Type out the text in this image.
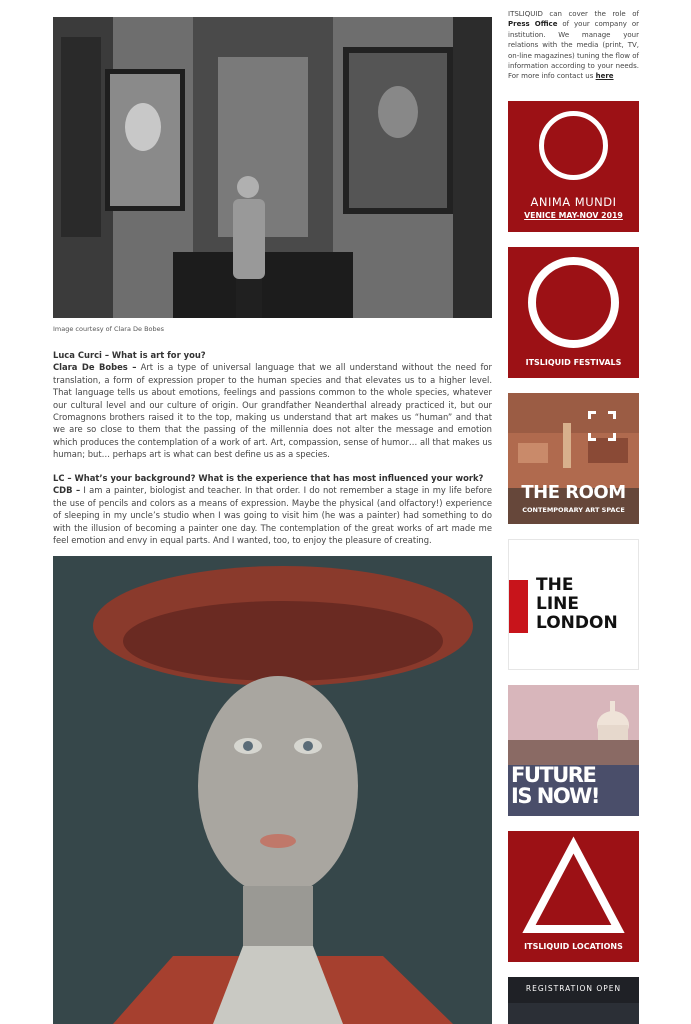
Image courtesy of Clara De Bobes

Luca Curci – What is art for you?

Clara De Bobes – Art is a type of universal language that we all understand without the need for translation, a form of expression proper to the human species and that elevates us to a higher level. That language tells us about emotions, feelings and passions common to the whole species, whatever our cultural level and our culture of origin. Our grandfather Neanderthal already practiced it, but our Cromagnons brothers raised it to the top, making us understand that art makes us “human” and that we are so close to them that the passing of the millennia does not alter the message and emotion which produces the contemplation of a work of art. Art, compassion, sense of humor… all that makes us human; but… perhaps art is what can best define us as a species.

LC – What’s your background? What is the experience that has most influenced your work?

CDB – I am a painter, biologist and teacher. In that order. I do not remember a stage in my life before the use of pencils and colors as a means of expression. Maybe the physical (and olfactory!) experience of sleeping in my uncle’s studio when I was going to visit him (he was a painter) had something to do with the illusion of becoming a painter one day. The contemplation of the great works of art made me feel emotion and envy in equal parts. And I wanted, too, to enjoy the pleasure of creating.

ITSLIQUID can cover the role of Press Office of your company or institution. We manage your relations with the media (print, TV, on-line magazines) tuning the flow of information according to your needs. For more info contact us here
ANIMA MUNDI
VENICE MAY-NOV 2019
ITSLIQUID FESTIVALS
THE ROOM
CONTEMPORARY ART SPACE
THE
LINE
LONDON
FUTURE
IS NOW!
ITSLIQUID LOCATIONS
REGISTRATION OPEN
